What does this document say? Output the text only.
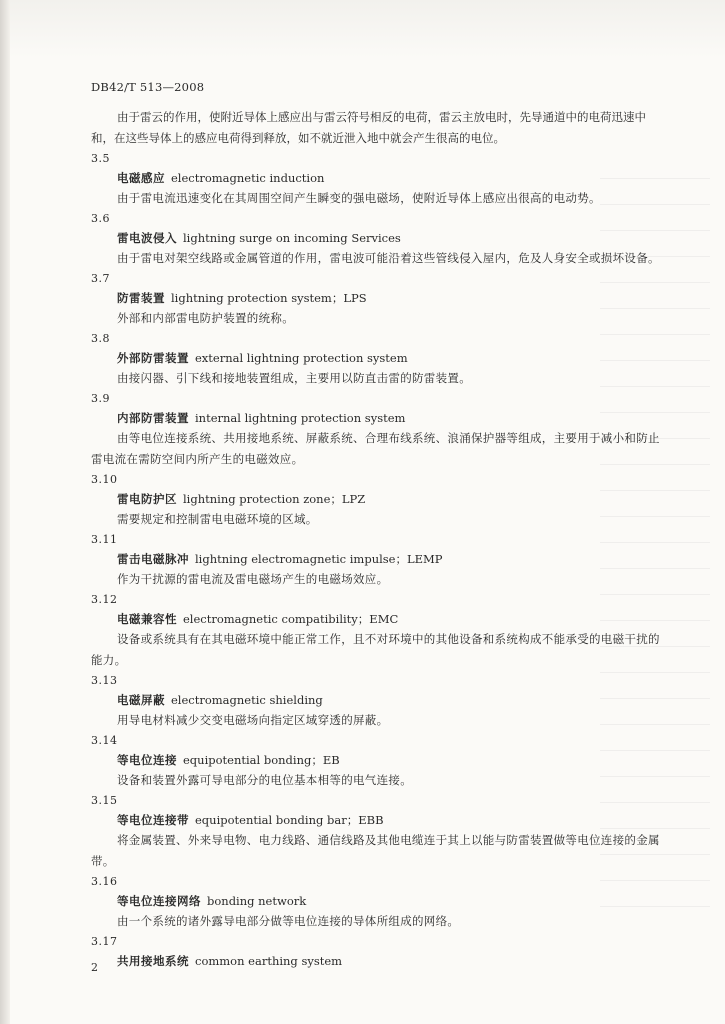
DB42/T 513—2008

由于雷云的作用，使附近导体上感应出与雷云符号相反的电荷，雷云主放电时，先导通道中的电荷迅速中和，在这些导体上的感应电荷得到释放，如不就近泄入地中就会产生很高的电位。

3.5
电磁感应 electromagnetic induction

由于雷电流迅速变化在其周围空间产生瞬变的强电磁场，使附近导体上感应出很高的电动势。

3.6
雷电波侵入 lightning surge on incoming Services

由于雷电对架空线路或金属管道的作用，雷电波可能沿着这些管线侵入屋内，危及人身安全或损坏设备。

3.7
防雷装置 lightning protection system；LPS

外部和内部雷电防护装置的统称。

3.8
外部防雷装置 external lightning protection system

由接闪器、引下线和接地装置组成，主要用以防直击雷的防雷装置。

3.9
内部防雷装置 internal lightning protection system

由等电位连接系统、共用接地系统、屏蔽系统、合理布线系统、浪涌保护器等组成，主要用于减小和防止雷电流在需防空间内所产生的电磁效应。

3.10
雷电防护区 lightning protection zone；LPZ

需要规定和控制雷电电磁环境的区域。

3.11
雷击电磁脉冲 lightning electromagnetic impulse；LEMP

作为干扰源的雷电流及雷电磁场产生的电磁场效应。

3.12
电磁兼容性 electromagnetic compatibility；EMC

设备或系统具有在其电磁环境中能正常工作，且不对环境中的其他设备和系统构成不能承受的电磁干扰的能力。

3.13
电磁屏蔽 electromagnetic shielding

用导电材料减少交变电磁场向指定区域穿透的屏蔽。

3.14
等电位连接 equipotential bonding；EB

设备和装置外露可导电部分的电位基本相等的电气连接。

3.15
等电位连接带 equipotential bonding bar；EBB

将金属装置、外来导电物、电力线路、通信线路及其他电缆连于其上以能与防雷装置做等电位连接的金属带。

3.16
等电位连接网络 bonding network

由一个系统的诸外露导电部分做等电位连接的导体所组成的网络。

3.17
共用接地系统 common earthing system
2
